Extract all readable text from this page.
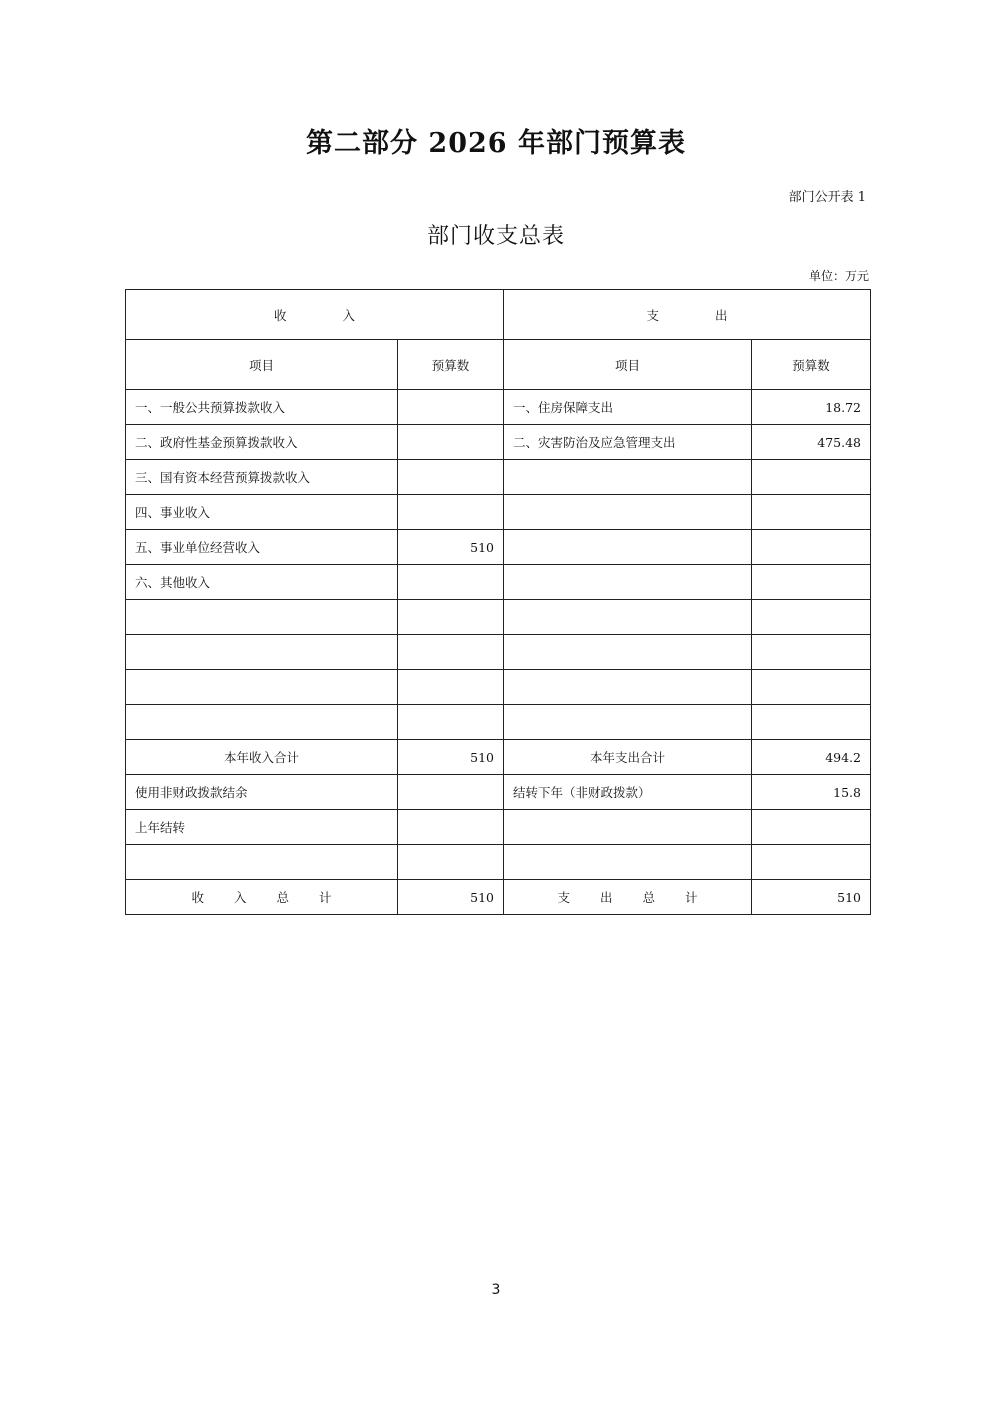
第二部分 2026 年部门预算表
部门公开表 1
部门收支总表
单位：万元
收 入		支 出	
项目	预算数	项目	预算数
一、一般公共预算拨款收入		一、住房保障支出	18.72
二、政府性基金预算拨款收入		二、灾害防治及应急管理支出	475.48
三、国有资本经营预算拨款收入			
四、事业收入			
五、事业单位经营收入	510		
六、其他收入			

本年收入合计	510	本年支出合计	494.2
使用非财政拨款结余		结转下年（非财政拨款）	15.8
上年结转			

收 入 总 计	510	支 出 总 计	510
3
